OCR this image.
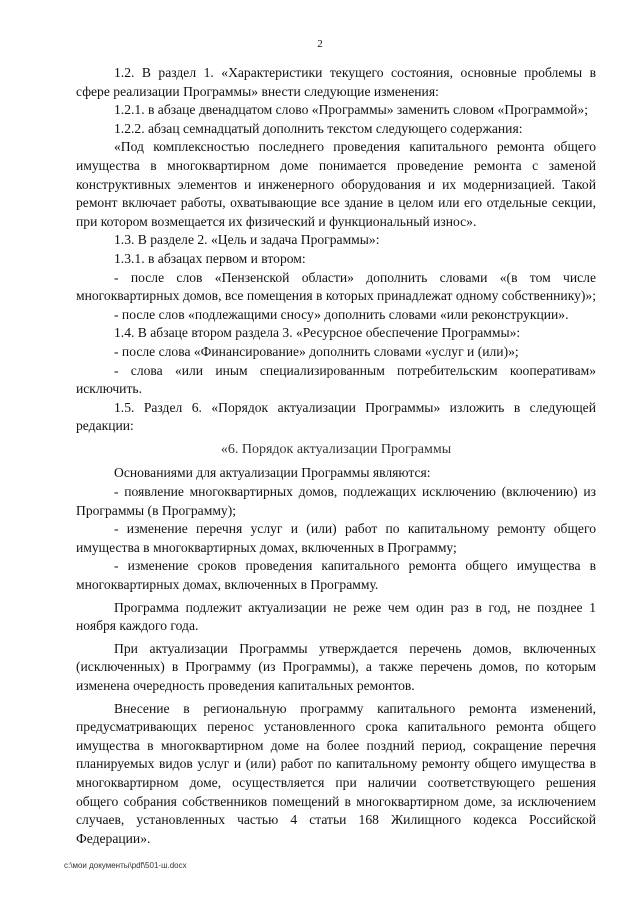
2

1.2. В раздел 1. «Характеристики текущего состояния, основные проблемы в сфере реализации Программы» внести следующие изменения:

1.2.1. в абзаце двенадцатом слово «Программы» заменить словом «Программой»;

1.2.2. абзац семнадцатый дополнить текстом следующего содержания:

«Под комплексностью последнего проведения капитального ремонта общего имущества в многоквартирном доме понимается проведение ремонта с заменой конструктивных элементов и инженерного оборудования и их модернизацией. Такой ремонт включает работы, охватывающие все здание в целом или его отдельные секции, при котором возмещается их физический и функциональный износ».

1.3. В разделе 2. «Цель и задача Программы»:

1.3.1. в абзацах первом и втором:

- после слов «Пензенской области» дополнить словами «(в том числе многоквартирных домов, все помещения в которых принадлежат одному собственнику)»;

- после слов «подлежащими сносу» дополнить словами «или реконструкции».

1.4. В абзаце втором раздела 3. «Ресурсное обеспечение Программы»:

- после слова «Финансирование» дополнить словами «услуг и (или)»;

- слова «или иным специализированным потребительским кооперативам» исключить.

1.5. Раздел 6. «Порядок актуализации Программы» изложить в следующей редакции:

«6. Порядок актуализации Программы

Основаниями для актуализации Программы являются:

- появление многоквартирных домов, подлежащих исключению (включению) из Программы (в Программу);

- изменение перечня услуг и (или) работ по капитальному ремонту общего имущества в многоквартирных домах, включенных в Программу;

- изменение сроков проведения капитального ремонта общего имущества в многоквартирных домах, включенных в Программу.

Программа подлежит актуализации не реже чем один раз в год, не позднее 1 ноября каждого года.

При актуализации Программы утверждается перечень домов, включенных (исключенных) в Программу (из Программы), а также перечень домов, по которым изменена очередность проведения капитальных ремонтов.

Внесение в региональную программу капитального ремонта изменений, предусматривающих перенос установленного срока капитального ремонта общего имущества в многоквартирном доме на более поздний период, сокращение перечня планируемых видов услуг и (или) работ по капитальному ремонту общего имущества в многоквартирном доме, осуществляется при наличии соответствующего решения общего собрания собственников помещений в многоквартирном доме, за исключением случаев, установленных частью 4 статьи 168 Жилищного кодекса Российской Федерации».

c:\мои документы\pdf\501-ш.docx
